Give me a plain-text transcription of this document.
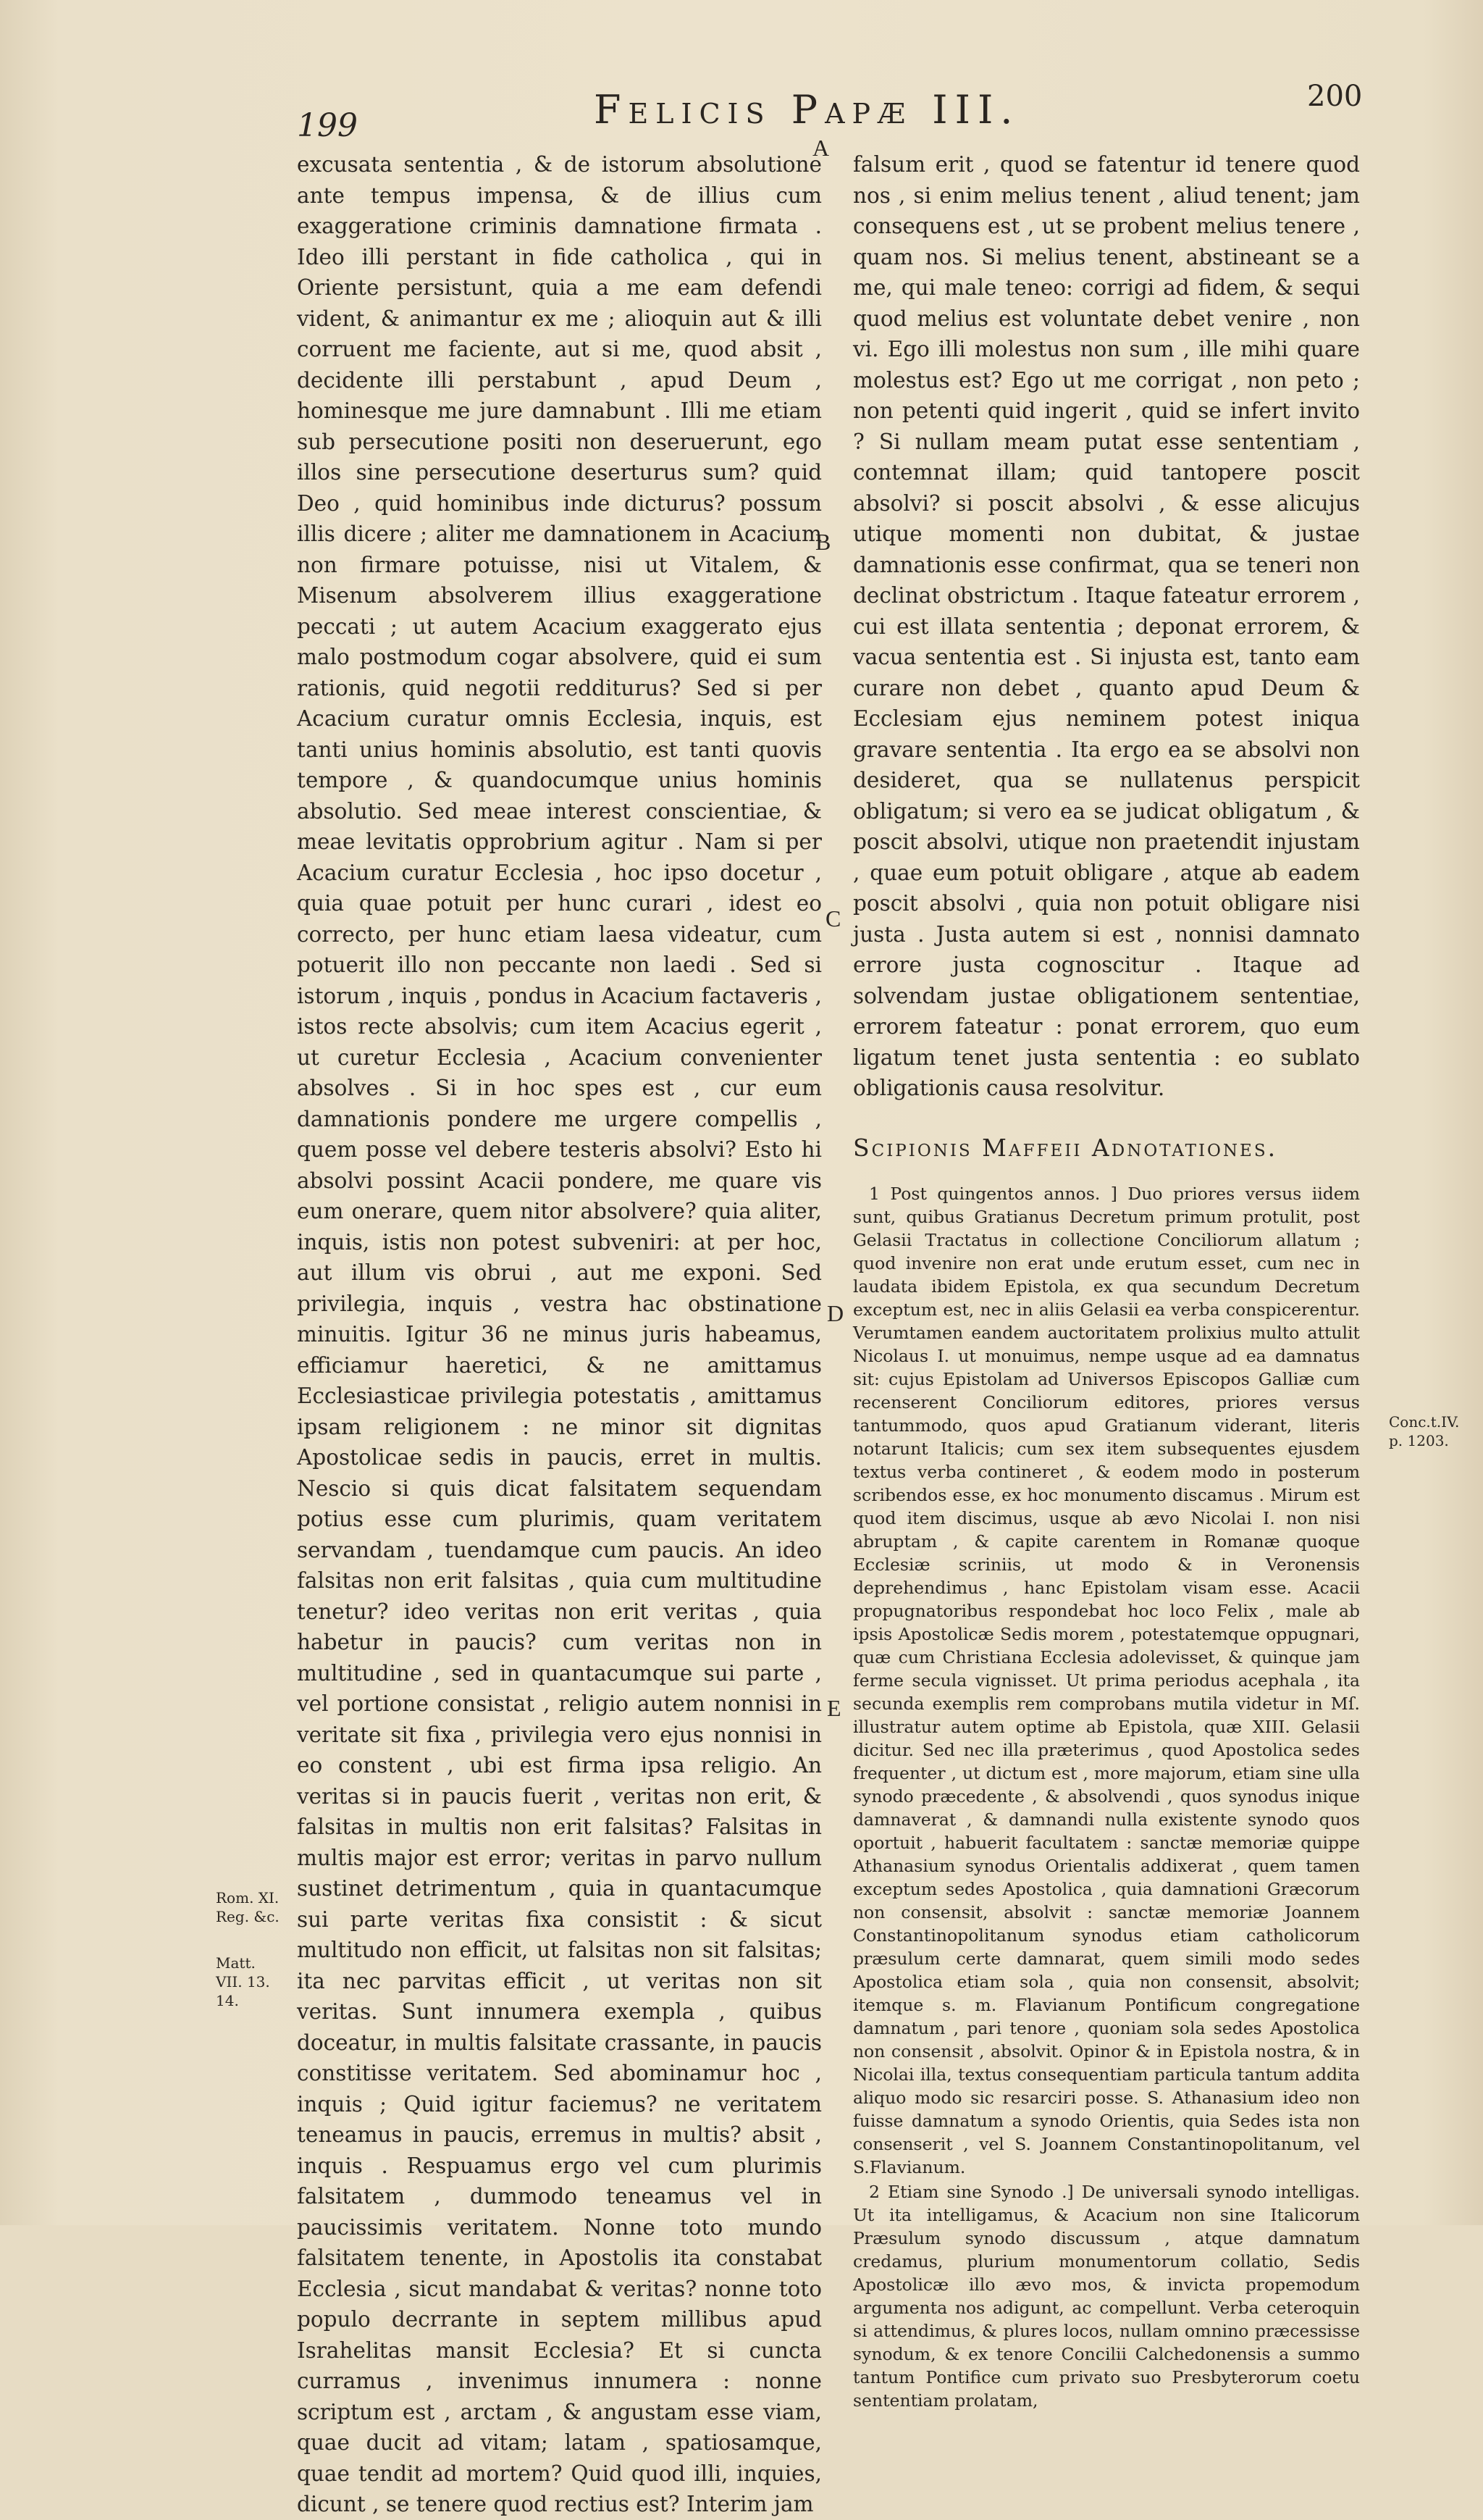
199	Felicis Papæ III.	200

excusata sententia , & de istorum absolutione ante tempus impensa, & de illius cum exaggeratione criminis damnatione firmata . Ideo illi perstant in fide catholica , qui in Oriente persistunt, quia a me eam defendi vident, & animantur ex me ; alioquin aut & illi corruent me faciente, aut si me, quod absit , decidente illi perstabunt , apud Deum , hominesque me jure damnabunt . Illi me etiam sub persecutione positi non deseruerunt, ego illos sine persecutione deserturus sum? quid Deo , quid hominibus inde dicturus? possum illis dicere ; aliter me damnationem in Acacium non firmare potuisse, nisi ut Vitalem, & Misenum absolverem illius exaggeratione peccati ; ut autem Acacium exaggerato ejus malo postmodum cogar absolvere, quid ei sum rationis, quid negotii redditurus? Sed si per Acacium curatur omnis Ecclesia, inquis, est tanti unius hominis absolutio, est tanti quovis tempore , & quandocumque unius hominis absolutio. Sed meae interest conscientiae, & meae levitatis opprobrium agitur . Nam si per Acacium curatur Ecclesia , hoc ipso docetur , quia quae potuit per hunc curari , idest eo correcto, per hunc etiam laesa videatur, cum potuerit illo non peccante non laedi . Sed si istorum , inquis , pondus in Acacium factaveris , istos recte absolvis; cum item Acacius egerit , ut curetur Ecclesia , Acacium convenienter absolves . Si in hoc spes est , cur eum damnationis pondere me urgere compellis , quem posse vel debere testeris absolvi? Esto hi absolvi possint Acacii pondere, me quare vis eum onerare, quem nitor absolvere? quia aliter, inquis, istis non potest subveniri: at per hoc, aut illum vis obrui , aut me exponi. Sed privilegia, inquis , vestra hac obstinatione minuitis. Igitur 36 ne minus juris habeamus, efficiamur haeretici, & ne amittamus Ecclesiasticae privilegia potestatis , amittamus ipsam religionem : ne minor sit dignitas Apostolicae sedis in paucis, erret in multis. Nescio si quis dicat falsitatem sequendam potius esse cum plurimis, quam veritatem servandam , tuendamque cum paucis. An ideo falsitas non erit falsitas , quia cum multitudine tenetur? ideo veritas non erit veritas , quia habetur in paucis? cum veritas non in multitudine , sed in quantacumque sui parte , vel portione consistat , religio autem nonnisi in veritate sit fixa , privilegia vero ejus nonnisi in eo constent , ubi est firma ipsa religio. An veritas si in paucis fuerit , veritas non erit, & falsitas in multis non erit falsitas? Falsitas in multis major est error; veritas in parvo nullum sustinet detrimentum , quia in quantacumque sui parte veritas fixa consistit : & sicut multitudo non efficit, ut falsitas non sit falsitas; ita nec parvitas efficit , ut veritas non sit veritas. Sunt innumera exempla , quibus doceatur, in multis falsitate crassante, in paucis constitisse veritatem. Sed abominamur hoc , inquis ; Quid igitur faciemus? ne veritatem teneamus in paucis, erremus in multis? absit , inquis . Respuamus ergo vel cum plurimis falsitatem , dummodo teneamus vel in paucissimis veritatem. Nonne toto mundo falsitatem tenente, in Apostolis ita constabat Ecclesia , sicut mandabat & veritas? nonne toto populo decrrante in septem millibus apud Israhelitas mansit Ecclesia? Et si cuncta curramus , invenimus innumera : nonne scriptum est , arctam , & angustam esse viam, quae ducit ad vitam; latam , spatiosamque, quae tendit ad mortem? Quid quod illi, inquies, dicunt , se tenere quod rectius est? Interim jam

A
B
C
D
E
Rom. XI. Reg. &c.
Matt. VII. 13. 14.
Conc.t.IV. p. 1203.

falsum erit , quod se fatentur id tenere quod nos , si enim melius tenent , aliud tenent; jam consequens est , ut se probent melius tenere , quam nos. Si melius tenent, abstineant se a me, qui male teneo: corrigi ad fidem, & sequi quod melius est voluntate debet venire , non vi. Ego illi molestus non sum , ille mihi quare molestus est? Ego ut me corrigat , non peto ; non petenti quid ingerit , quid se infert invito ? Si nullam meam putat esse sententiam , contemnat illam; quid tantopere poscit absolvi? si poscit absolvi , & esse alicujus utique momenti non dubitat, & justae damnationis esse confirmat, qua se teneri non declinat obstrictum . Itaque fateatur errorem , cui est illata sententia ; deponat errorem, & vacua sententia est . Si injusta est, tanto eam curare non debet , quanto apud Deum & Ecclesiam ejus neminem potest iniqua gravare sententia . Ita ergo ea se absolvi non desideret, qua se nullatenus perspicit obligatum; si vero ea se judicat obligatum , & poscit absolvi, utique non praetendit injustam , quae eum potuit obligare , atque ab eadem poscit absolvi , quia non potuit obligare nisi justa . Justa autem si est , nonnisi damnato errore justa cognoscitur . Itaque ad solvendam justae obligationem sententiae, errorem fateatur : ponat errorem, quo eum ligatum tenet justa sententia : eo sublato obligationis causa resolvitur.

Scipionis Maffeii Adnotationes.

1 Post quingentos annos. ] Duo priores versus iidem sunt, quibus Gratianus Decretum primum protulit, post Gelasii Tractatus in collectione Conciliorum allatum ; quod invenire non erat unde erutum esset, cum nec in laudata ibidem Epistola, ex qua secundum Decretum exceptum est, nec in aliis Gelasii ea verba conspicerentur. Verumtamen eandem auctoritatem prolixius multo attulit Nicolaus I. ut monuimus, nempe usque ad ea damnatus sit: cujus Epistolam ad Universos Episcopos Galliæ cum recenserent Conciliorum editores, priores versus tantummodo, quos apud Gratianum viderant, literis notarunt Italicis; cum sex item subsequentes ejusdem textus verba contineret , & eodem modo in posterum scribendos esse, ex hoc monumento discamus . Mirum est quod item discimus, usque ab ævo Nicolai I. non nisi abruptam , & capite carentem in Romanæ quoque Ecclesiæ scriniis, ut modo & in Veronensis deprehendimus , hanc Epistolam visam esse. Acacii propugnatoribus respondebat hoc loco Felix , male ab ipsis Apostolicæ Sedis morem , potestatemque oppugnari, quæ cum Christiana Ecclesia adolevisset, & quinque jam ferme secula vignisset. Ut prima periodus acephala , ita secunda exemplis rem comprobans mutila videtur in Mſ. illustratur autem optime ab Epistola, quæ XIII. Gelasii dicitur. Sed nec illa præterimus , quod Apostolica sedes frequenter , ut dictum est , more majorum, etiam sine ulla synodo præcedente , & absolvendi , quos synodus inique damnaverat , & damnandi nulla existente synodo quos oportuit , habuerit facultatem : sanctæ memoriæ quippe Athanasium synodus Orientalis addixerat , quem tamen exceptum sedes Apostolica , quia damnationi Græcorum non consensit, absolvit : sanctæ memoriæ Joannem Constantinopolitanum synodus etiam catholicorum præsulum certe damnarat, quem simili modo sedes Apostolica etiam sola , quia non consensit, absolvit; itemque s. m. Flavianum Pontificum congregatione damnatum , pari tenore , quoniam sola sedes Apostolica non consensit , absolvit. Opinor & in Epistola nostra, & in Nicolai illa, textus consequentiam particula tantum addita aliquo modo sic resarciri posse. S. Athanasium ideo non fuisse damnatum a synodo Orientis, quia Sedes ista non consenserit , vel S. Joannem Constantinopolitanum, vel S.Flavianum.

2 Etiam sine Synodo .] De universali synodo intelligas. Ut ita intelligamus, & Acacium non sine Italicorum Præsulum synodo discussum , atque damnatum credamus, plurium monumentorum collatio, Sedis Apostolicæ illo ævo mos, & invicta propemodum argumenta nos adigunt, ac compellunt. Verba ceteroquin si attendimus, & plures locos, nullam omnino præcessisse synodum, & ex tenore Concilii Calchedonensis a summo tantum Pontifice cum privato suo Presbyterorum coetu sententiam prolatam,
